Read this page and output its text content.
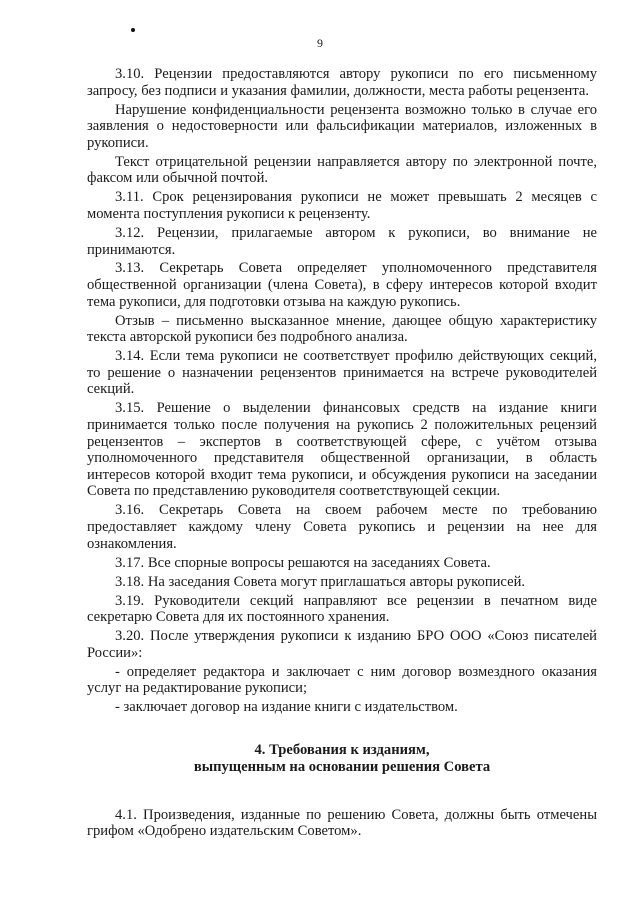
9

3.10. Рецензии предоставляются автору рукописи по его письменному запросу, без подписи и указания фамилии, должности, места работы рецензента.

Нарушение конфиденциальности рецензента возможно только в случае его заявления о недостоверности или фальсификации материалов, изложенных в рукописи.

Текст отрицательной рецензии направляется автору по электронной почте, факсом или обычной почтой.

3.11. Срок рецензирования рукописи не может превышать 2 месяцев с момента поступления рукописи к рецензенту.

3.12. Рецензии, прилагаемые автором к рукописи, во внимание не принимаются.

3.13. Секретарь Совета определяет уполномоченного представителя общественной организации (члена Совета), в сферу интересов которой входит тема рукописи, для подготовки отзыва на каждую рукопись.

Отзыв – письменно высказанное мнение, дающее общую характеристику текста авторской рукописи без подробного анализа.

3.14. Если тема рукописи не соответствует профилю действующих секций, то решение о назначении рецензентов принимается на встрече руководителей секций.

3.15. Решение о выделении финансовых средств на издание книги принимается только после получения на рукопись 2 положительных рецензий рецензентов – экспертов в соответствующей сфере, с учётом отзыва уполномоченного представителя общественной организации, в область интересов которой входит тема рукописи, и обсуждения рукописи на заседании Совета по представлению руководителя соответствующей секции.

3.16. Секретарь Совета на своем рабочем месте по требованию предоставляет каждому члену Совета рукопись и рецензии на нее для ознакомления.

3.17. Все спорные вопросы решаются на заседаниях Совета.

3.18. На заседания Совета могут приглашаться авторы рукописей.

3.19. Руководители секций направляют все рецензии в печатном виде секретарю Совета для их постоянного хранения.

3.20. После утверждения рукописи к изданию БРО ООО «Союз писателей России»:

- определяет редактора и заключает с ним договор возмездного оказания услуг на редактирование рукописи;

- заключает договор на издание книги с издательством.

4. Требования к изданиям,
выпущенным на основании решения Совета

4.1. Произведения, изданные по решению Совета, должны быть отмечены грифом «Одобрено издательским Советом».
